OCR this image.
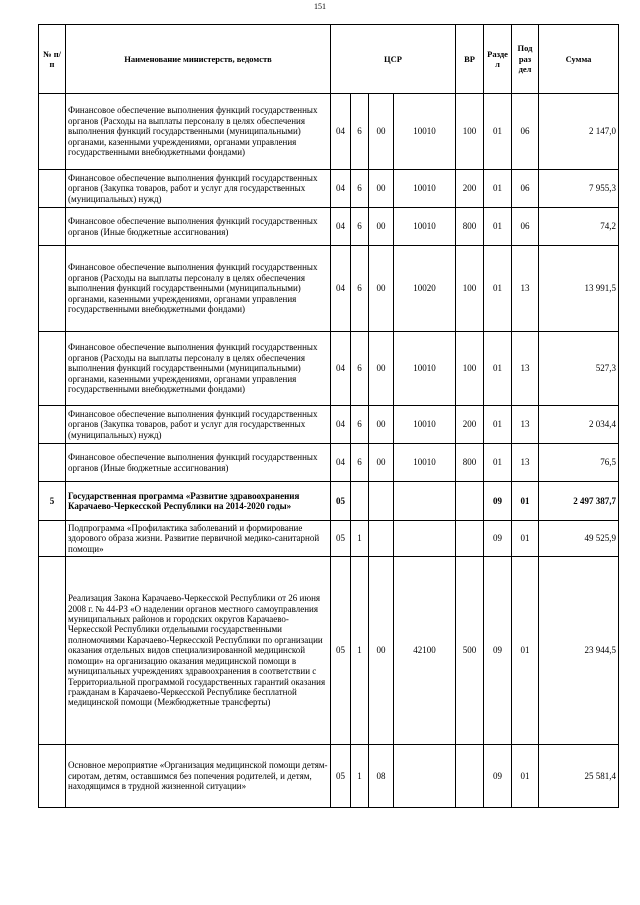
151
№ п/п	Наименование министерств, ведомств	ЦСР				ВР	Разде л	Под раз дел	Сумма
	Финансовое обеспечение выполнения функций государственных органов (Расходы на выплаты персоналу в целях обеспечения выполнения функций государственными (муниципальными) органами, казенными учреждениями, органами управления государственными внебюджетными фондами)	04	6	00	10010	100	01	06	2 147,0
	Финансовое обеспечение выполнения функций государственных органов (Закупка товаров, работ и услуг для государственных (муниципальных) нужд)	04	6	00	10010	200	01	06	7 955,3
	Финансовое обеспечение выполнения функций государственных органов (Иные бюджетные ассигнования)	04	6	00	10010	800	01	06	74,2
	Финансовое обеспечение выполнения функций государственных органов (Расходы на выплаты персоналу в целях обеспечения выполнения функций государственными (муниципальными) органами, казенными учреждениями, органами управления государственными внебюджетными фондами)	04	6	00	10020	100	01	13	13 991,5
	Финансовое обеспечение выполнения функций государственных органов (Расходы на выплаты персоналу в целях обеспечения выполнения функций государственными (муниципальными) органами, казенными учреждениями, органами управления государственными внебюджетными фондами)	04	6	00	10010	100	01	13	527,3
	Финансовое обеспечение выполнения функций государственных органов (Закупка товаров, работ и услуг для государственных (муниципальных) нужд)	04	6	00	10010	200	01	13	2 034,4
	Финансовое обеспечение выполнения функций государственных органов (Иные бюджетные ассигнования)	04	6	00	10010	800	01	13	76,5
5	Государственная программа «Развитие здравоохранения Карачаево-Черкесской Республики на 2014-2020 годы»	05					09	01	2 497 387,7
	Подпрограмма «Профилактика заболеваний и формирование здорового образа жизни. Развитие первичной медико-санитарной помощи»	05	1				09	01	49 525,9
	Реализация Закона Карачаево-Черкесской Республики от 26 июня 2008 г. № 44-РЗ «О наделении органов местного самоуправления муниципальных районов и городских округов Карачаево-Черкесской Республики отдельными государственными полномочиями Карачаево-Черкесской Республики по организации оказания отдельных видов специализированной медицинской помощи» на организацию оказания медицинской помощи в муниципальных учреждениях здравоохранения в соответствии с Территориальной программой государственных гарантий оказания гражданам в Карачаево-Черкесской Республике бесплатной медицинской помощи (Межбюджетные трансферты)	05	1	00	42100	500	09	01	23 944,5
	Основное мероприятие «Организация медицинской помощи детям-сиротам, детям, оставшимся без попечения родителей, и детям, находящимся в трудной жизненной ситуации»	05	1	08			09	01	25 581,4
